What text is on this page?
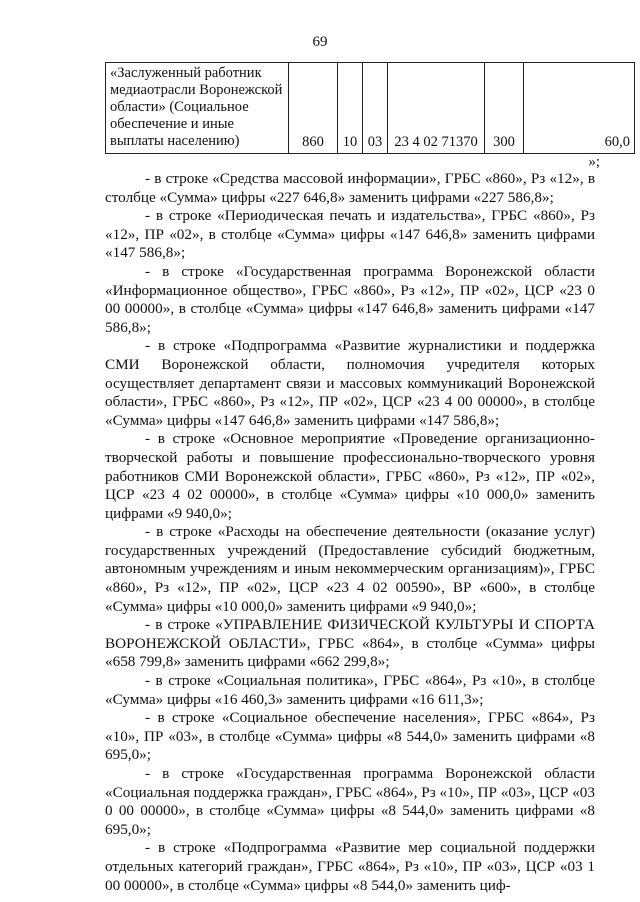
69
«Заслуженный работник медиаотрасли Воронежской области» (Социальное обеспечение и иные выплаты населению)	860	10	03	23 4 02 71370	300	60,0
»;

- в строке «Средства массовой информации», ГРБС «860», Рз «12», в столбце «Сумма» цифры «227 646,8» заменить цифрами «227 586,8»;

- в строке «Периодическая печать и издательства», ГРБС «860», Рз «12», ПР «02», в столбце «Сумма» цифры «147 646,8» заменить цифрами «147 586,8»;

- в строке «Государственная программа Воронежской области «Информационное общество», ГРБС «860», Рз «12», ПР «02», ЦСР «23 0 00 00000», в столбце «Сумма» цифры «147 646,8» заменить цифрами «147 586,8»;

- в строке «Подпрограмма «Развитие журналистики и поддержка СМИ Воронежской области, полномочия учредителя которых осуществляет департамент связи и массовых коммуникаций Воронежской области», ГРБС «860», Рз «12», ПР «02», ЦСР «23 4 00 00000», в столбце «Сумма» цифры «147 646,8» заменить цифрами «147 586,8»;

- в строке «Основное мероприятие «Проведение организационно-творческой работы и повышение профессионально-творческого уровня работников СМИ Воронежской области», ГРБС «860», Рз «12», ПР «02», ЦСР «23 4 02 00000», в столбце «Сумма» цифры «10 000,0» заменить цифрами «9 940,0»;

- в строке «Расходы на обеспечение деятельности (оказание услуг) государственных учреждений (Предоставление субсидий бюджетным, автономным учреждениям и иным некоммерческим организациям)», ГРБС «860», Рз «12», ПР «02», ЦСР «23 4 02 00590», ВР «600», в столбце «Сумма» цифры «10 000,0» заменить цифрами «9 940,0»;

- в строке «УПРАВЛЕНИЕ ФИЗИЧЕСКОЙ КУЛЬТУРЫ И СПОРТА ВОРОНЕЖСКОЙ ОБЛАСТИ», ГРБС «864», в столбце «Сумма» цифры «658 799,8» заменить цифрами «662 299,8»;

- в строке «Социальная политика», ГРБС «864», Рз «10», в столбце «Сумма» цифры «16 460,3» заменить цифрами «16 611,3»;

- в строке «Социальное обеспечение населения», ГРБС «864», Рз «10», ПР «03», в столбце «Сумма» цифры «8 544,0» заменить цифрами «8 695,0»;

- в строке «Государственная программа Воронежской области «Социальная поддержка граждан», ГРБС «864», Рз «10», ПР «03», ЦСР «03 0 00 00000», в столбце «Сумма» цифры «8 544,0» заменить цифрами «8 695,0»;

- в строке «Подпрограмма «Развитие мер социальной поддержки отдельных категорий граждан», ГРБС «864», Рз «10», ПР «03», ЦСР «03 1 00 00000», в столбце «Сумма» цифры «8 544,0» заменить циф-
